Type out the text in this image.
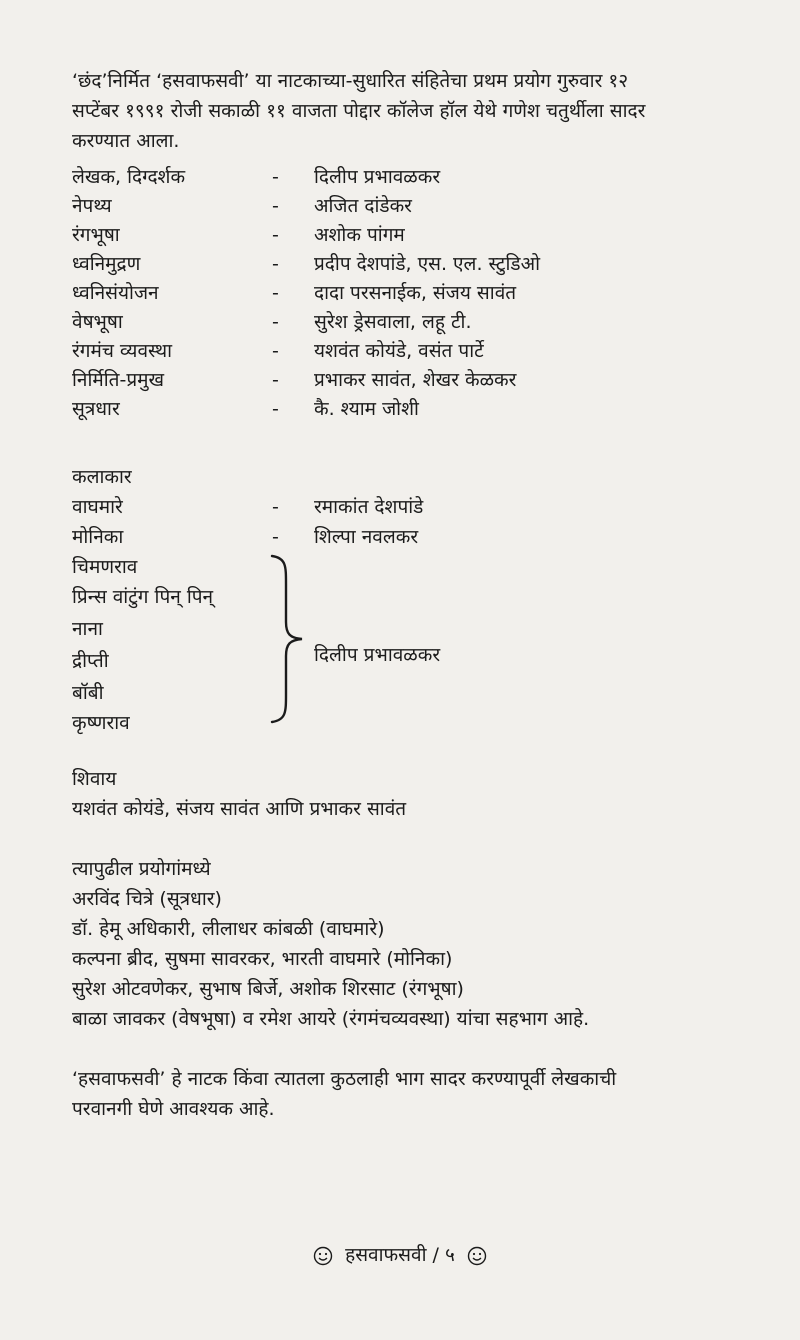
‘छंद’निर्मित ‘हसवाफसवी’ या नाटकाच्या-सुधारित संहितेचा प्रथम प्रयोग गुरुवार १२
सप्टेंबर १९९१ रोजी सकाळी ११ वाजता पोद्दार कॉलेज हॉल येथे गणेश चतुर्थीला सादर
करण्यात आला.
लेखक, दिग्दर्शक	- दिलीप प्रभावळकर
नेपथ्य	- अजित दांडेकर
रंगभूषा	- अशोक पांगम
ध्वनिमुद्रण	- प्रदीप देशपांडे, एस. एल. स्टुडिओ
ध्वनिसंयोजन	- दादा परसनाईक, संजय सावंत
वेषभूषा	- सुरेश ड्रेसवाला, लहू टी.
रंगमंच व्यवस्था	- यशवंत कोयंडे, वसंत पार्टे
निर्मिति-प्रमुख	- प्रभाकर सावंत, शेखर केळकर
सूत्रधार	- कै. श्याम जोशी
कलाकार
वाघमारे	- रमाकांत देशपांडे
मोनिका	- शिल्पा नवलकर
चिमणराव
प्रिन्स वांटुंग पिन् पिन्
नाना
द्रीप्ती
बॉबी
कृष्णराव
दिलीप प्रभावळकर
शिवाय
यशवंत कोयंडे, संजय सावंत आणि प्रभाकर सावंत
त्यापुढील प्रयोगांमध्ये
अरविंद चित्रे (सूत्रधार)
डॉ. हेमू अधिकारी, लीलाधर कांबळी (वाघमारे)
कल्पना ब्रीद, सुषमा सावरकर, भारती वाघमारे (मोनिका)
सुरेश ओटवणेकर, सुभाष बिर्जे, अशोक शिरसाट (रंगभूषा)
बाळा जावकर (वेषभूषा) व रमेश आयरे (रंगमंचव्यवस्था) यांचा सहभाग आहे.
‘हसवाफसवी’ हे नाटक किंवा त्यातला कुठलाही भाग सादर करण्यापूर्वी लेखकाची
परवानगी घेणे आवश्यक आहे.
हसवाफसवी / ५
